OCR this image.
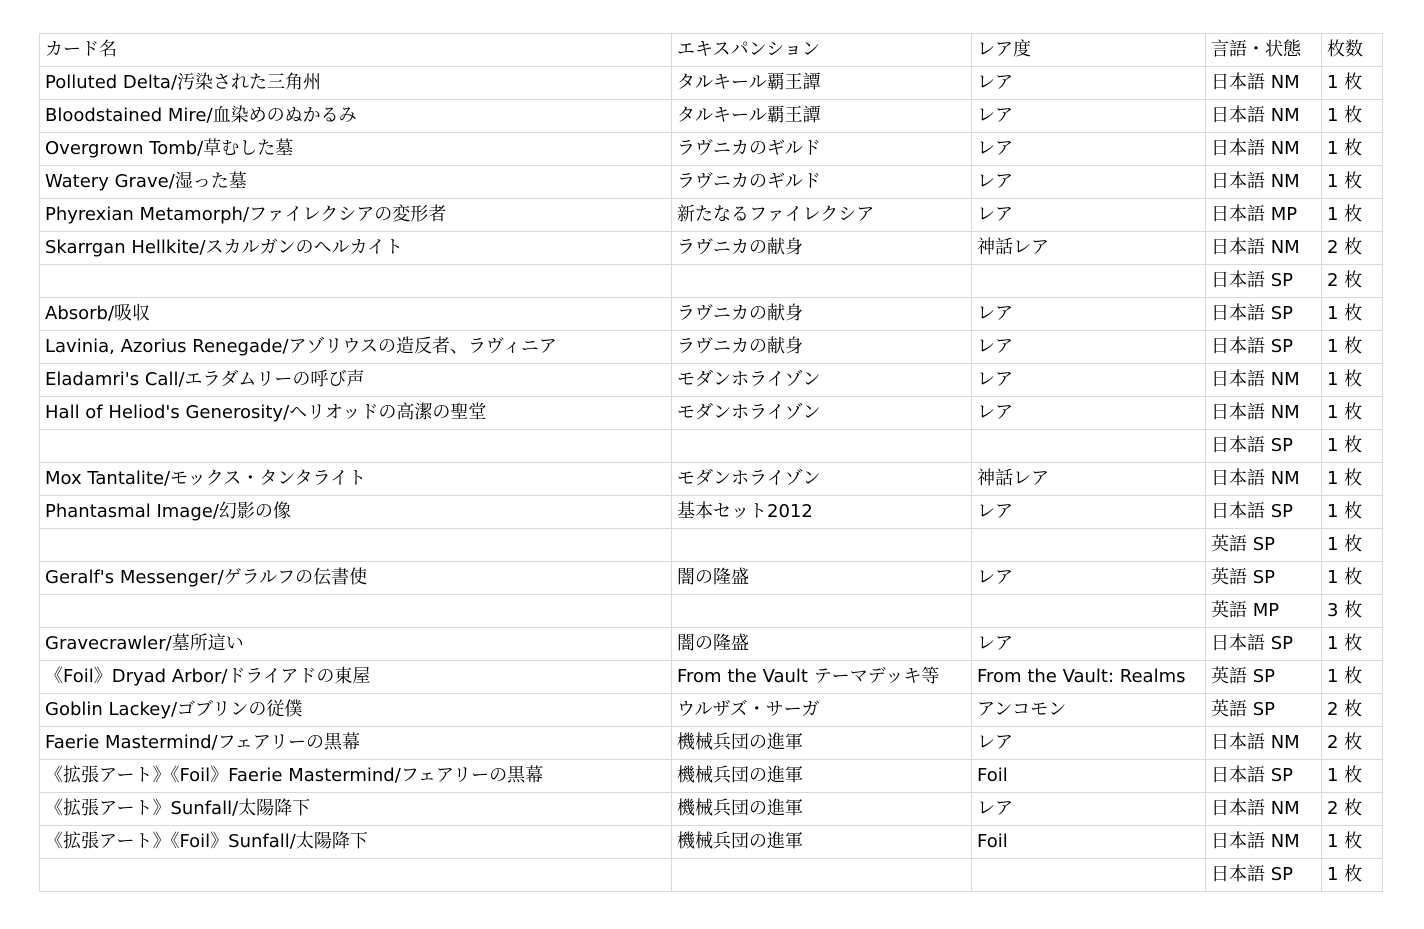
カード名	エキスパンション	レア度	言語・状態	枚数
Polluted Delta/汚染された三角州	タルキール覇王譚	レア	日本語 NM	1 枚
Bloodstained Mire/血染めのぬかるみ	タルキール覇王譚	レア	日本語 NM	1 枚
Overgrown Tomb/草むした墓	ラヴニカのギルド	レア	日本語 NM	1 枚
Watery Grave/湿った墓	ラヴニカのギルド	レア	日本語 NM	1 枚
Phyrexian Metamorph/ファイレクシアの変形者	新たなるファイレクシア	レア	日本語 MP	1 枚
Skarrgan Hellkite/スカルガンのヘルカイト	ラヴニカの献身	神話レア	日本語 NM	2 枚
			日本語 SP	2 枚
Absorb/吸収	ラヴニカの献身	レア	日本語 SP	1 枚
Lavinia, Azorius Renegade/アゾリウスの造反者、ラヴィニア	ラヴニカの献身	レア	日本語 SP	1 枚
Eladamri's Call/エラダムリーの呼び声	モダンホライゾン	レア	日本語 NM	1 枚
Hall of Heliod's Generosity/ヘリオッドの高潔の聖堂	モダンホライゾン	レア	日本語 NM	1 枚
			日本語 SP	1 枚
Mox Tantalite/モックス・タンタライト	モダンホライゾン	神話レア	日本語 NM	1 枚
Phantasmal Image/幻影の像	基本セット2012	レア	日本語 SP	1 枚
			英語 SP	1 枚
Geralf's Messenger/ゲラルフの伝書使	闇の隆盛	レア	英語 SP	1 枚
			英語 MP	3 枚
Gravecrawler/墓所這い	闇の隆盛	レア	日本語 SP	1 枚
《Foil》Dryad Arbor/ドライアドの東屋	From the Vault テーマデッキ等	From the Vault: Realms	英語 SP	1 枚
Goblin Lackey/ゴブリンの従僕	ウルザズ・サーガ	アンコモン	英語 SP	2 枚
Faerie Mastermind/フェアリーの黒幕	機械兵団の進軍	レア	日本語 NM	2 枚
《拡張アート》《Foil》Faerie Mastermind/フェアリーの黒幕	機械兵団の進軍	Foil	日本語 SP	1 枚
《拡張アート》Sunfall/太陽降下	機械兵団の進軍	レア	日本語 NM	2 枚
《拡張アート》《Foil》Sunfall/太陽降下	機械兵団の進軍	Foil	日本語 NM	1 枚
			日本語 SP	1 枚
